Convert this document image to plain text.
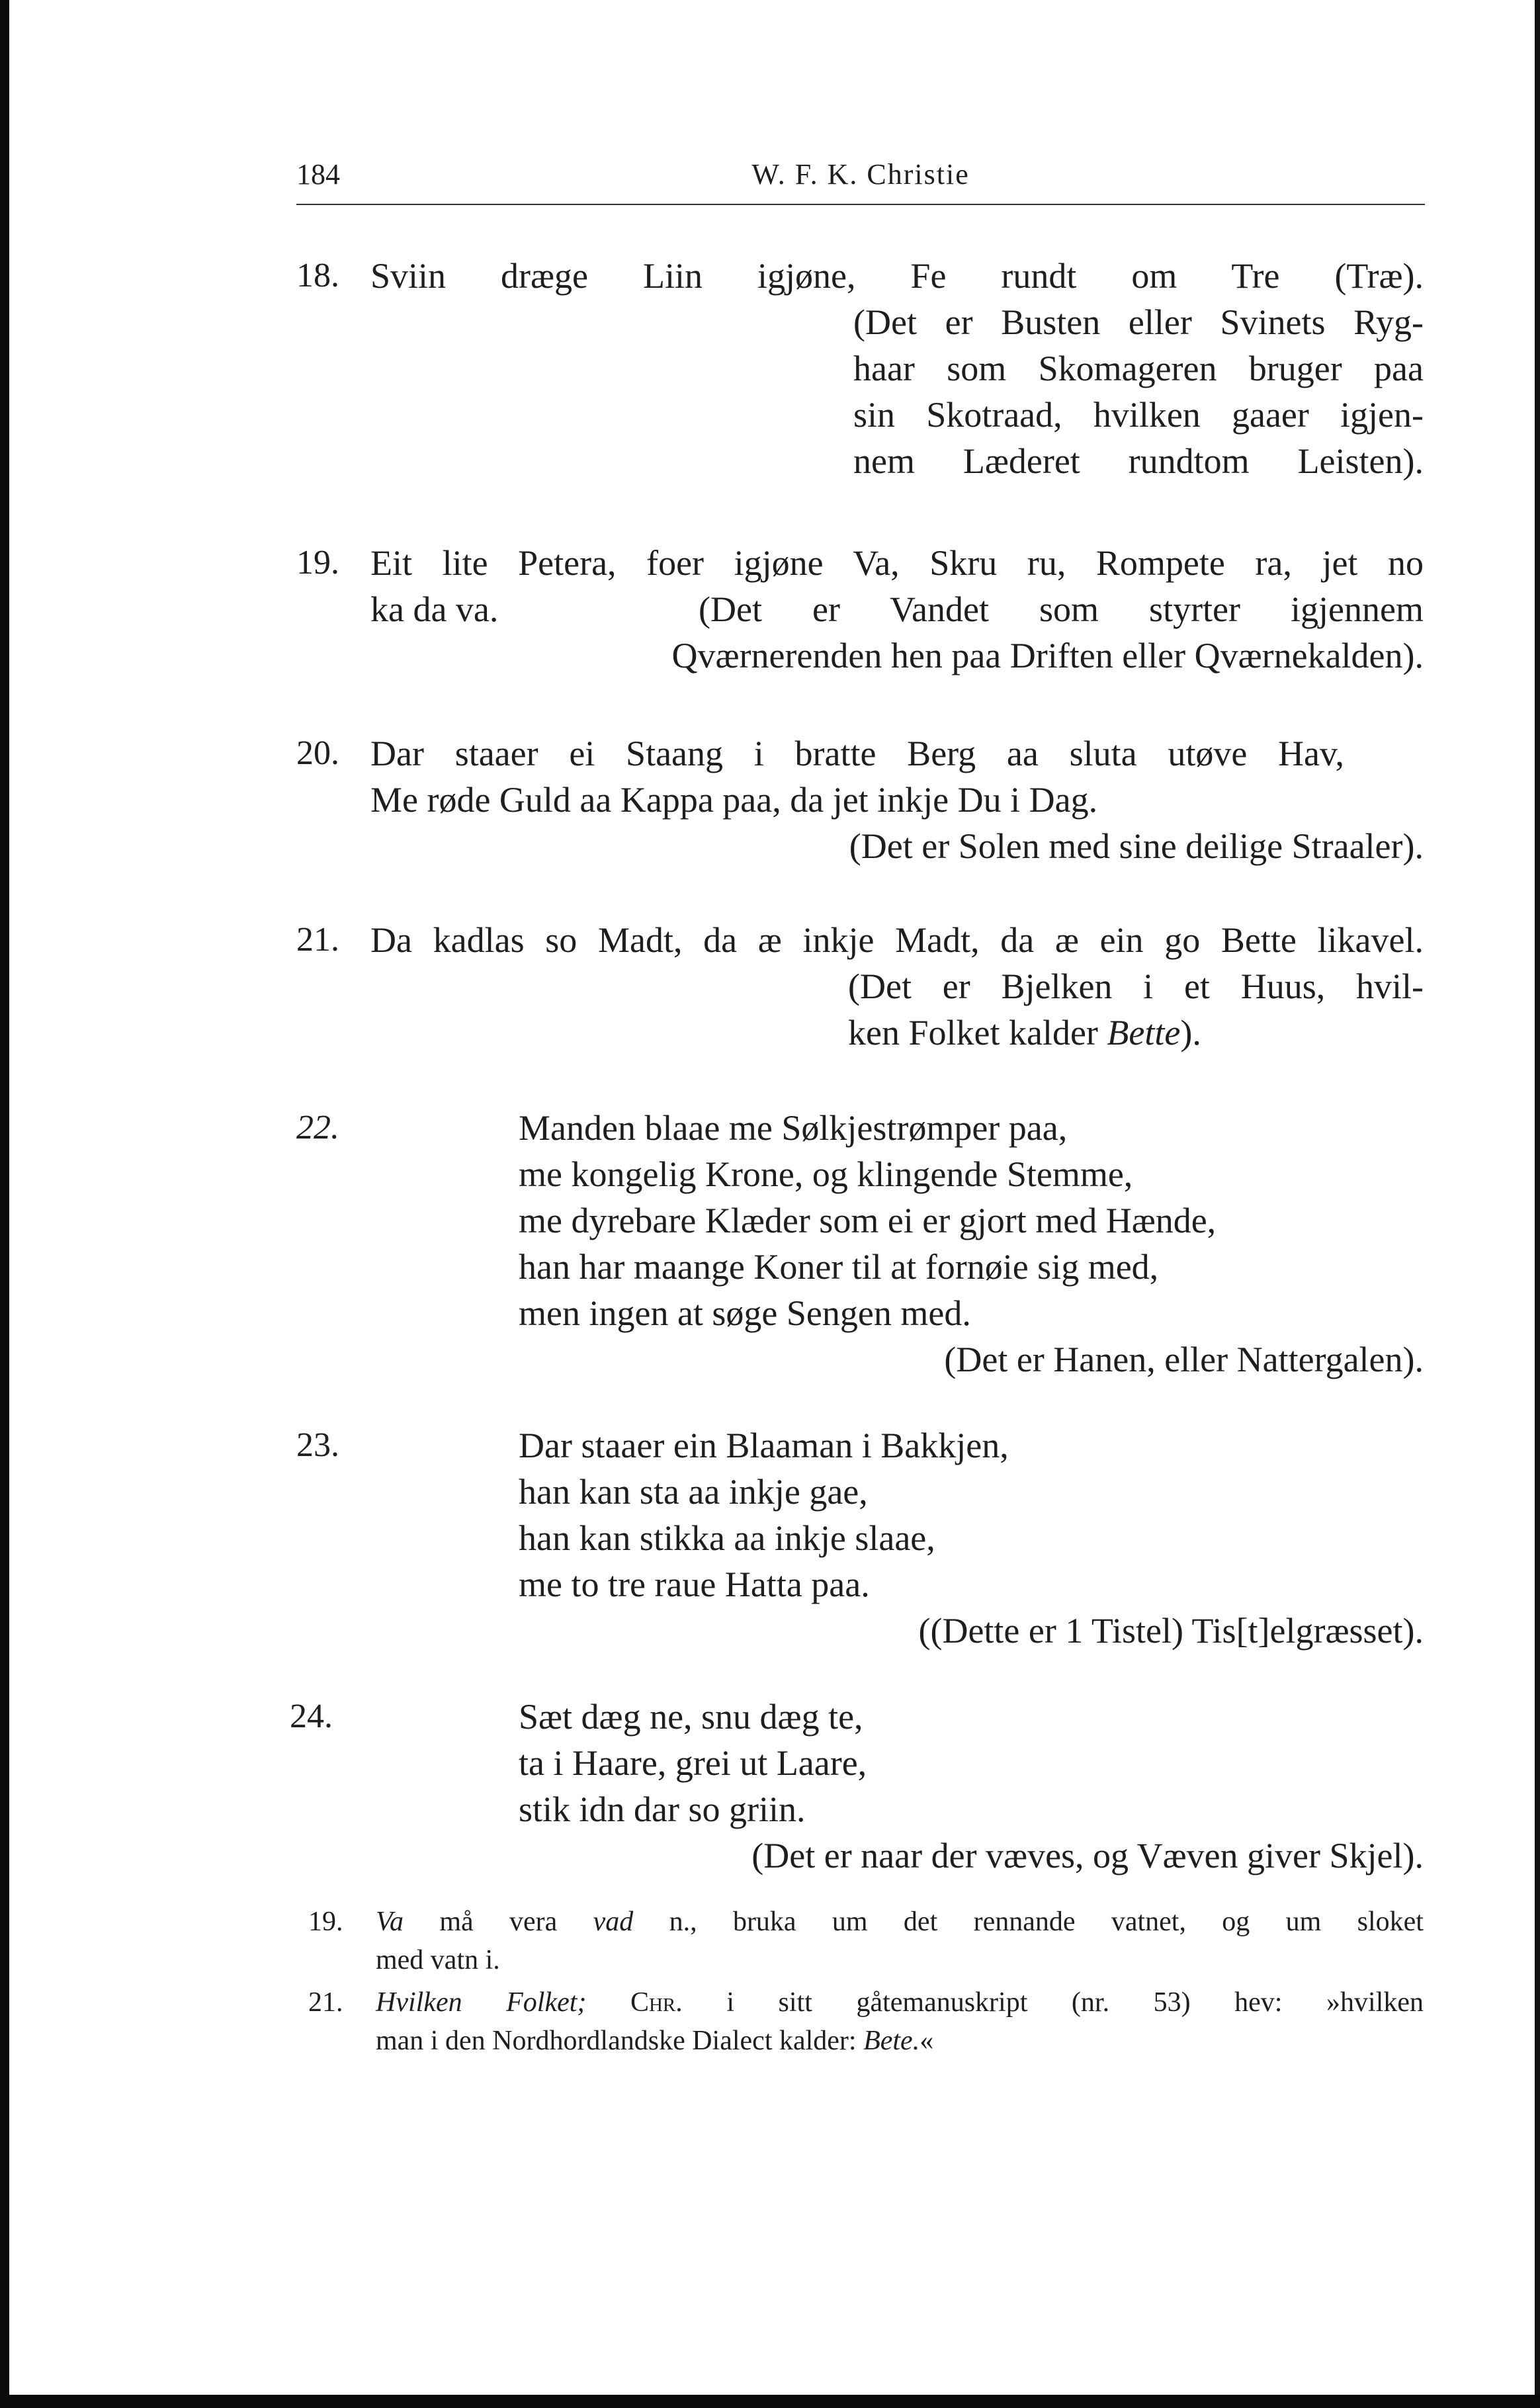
184	W. F. K. Christie
18. Sviin dræge Liin igjøne, Fe rundt om Tre (Træ).
(Det er Busten eller Svinets Ryg-
haar som Skomageren bruger paa
sin Skotraad, hvilken gaaer igjen-
nem Læderet rundtom Leisten).
19. Eit lite Petera, foer igjøne Va, Skru ru, Rompete ra, jet no
ka da va.	(Det er Vandet som styrter igjennem
Qværnerenden hen paa Driften eller Qværnekalden).
20. Dar staaer ei Staang i bratte Berg aa sluta utøve Hav,
Me røde Guld aa Kappa paa, da jet inkje Du i Dag.
(Det er Solen med sine deilige Straaler).
21. Da kadlas so Madt, da æ inkje Madt, da æ ein go Bette likavel.
(Det er Bjelken i et Huus, hvil-
ken Folket kalder Bette).
22.	Manden blaae me Sølkjestrømper paa,
me kongelig Krone, og klingende Stemme,
me dyrebare Klæder som ei er gjort med Hænde,
han har maange Koner til at fornøie sig med,
men ingen at søge Sengen med.
(Det er Hanen, eller Nattergalen).
23.	Dar staaer ein Blaaman i Bakkjen,
han kan sta aa inkje gae,
han kan stikka aa inkje slaae,
me to tre raue Hatta paa.
((Dette er 1 Tistel) Tis[t]elgræsset).
24.	Sæt dæg ne, snu dæg te,
ta i Haare, grei ut Laare,
stik idn dar so griin.
(Det er naar der væves, og Væven giver Skjel).
19. Va må vera vad n., bruka um det rennande vatnet, og um sloket
med vatn i.
21. Hvilken Folket; Chr. i sitt gåtemanuskript (nr. 53) hev: »hvilken
man i den Nordhordlandske Dialect kalder: Bete.«
